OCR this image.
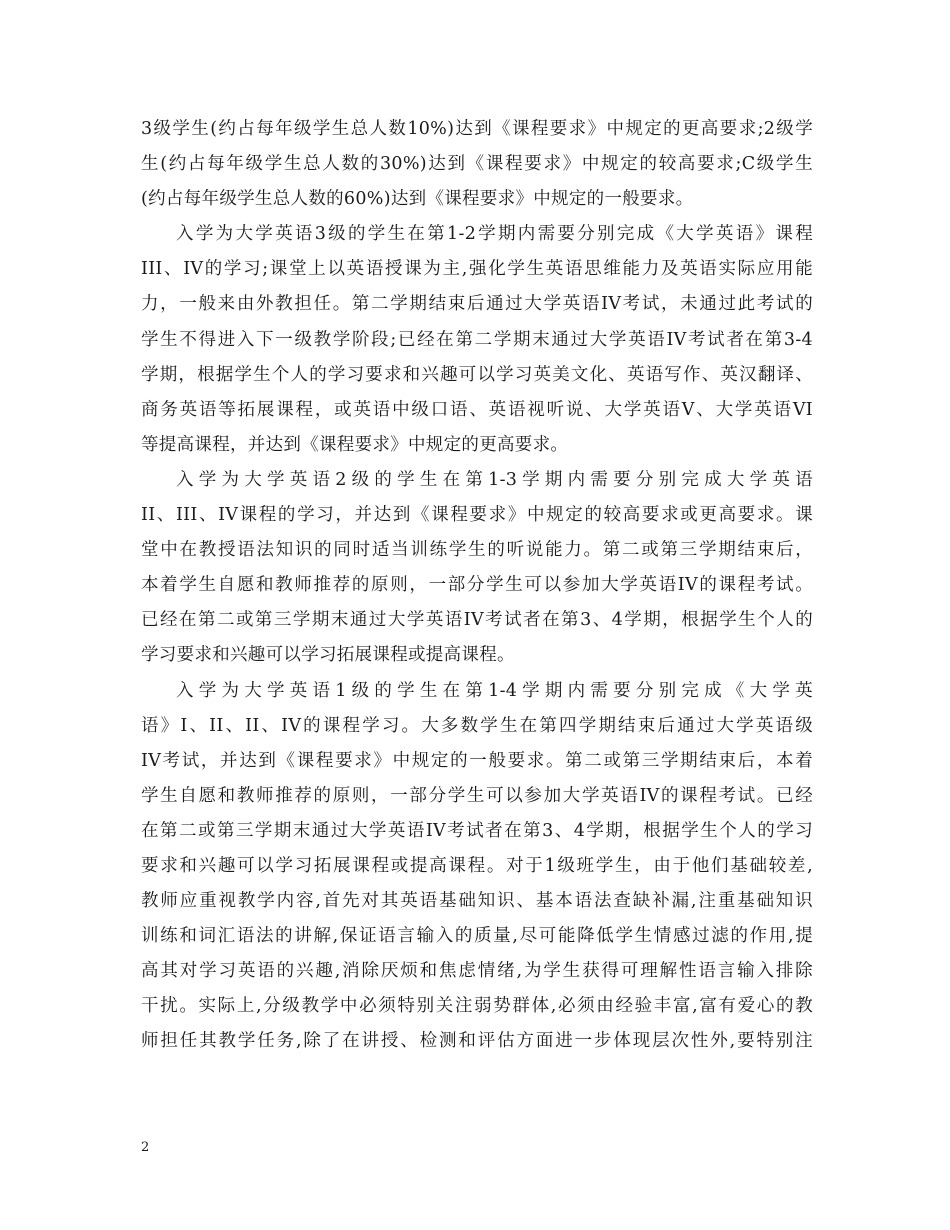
3级学生(约占每年级学生总人数10%)达到《课程要求》中规定的更高要求;2级学
生(约占每年级学生总人数的30%)达到《课程要求》中规定的较高要求;C级学生
(约占每年级学生总人数的60%)达到《课程要求》中规定的一般要求。
入学为大学英语3级的学生在第1-2学期内需要分别完成《大学英语》课程
III、IV的学习;课堂上以英语授课为主,强化学生英语思维能力及英语实际应用能
力，一般来由外教担任。第二学期结束后通过大学英语IV考试，未通过此考试的
学生不得进入下一级教学阶段;已经在第二学期末通过大学英语IV考试者在第3-4
学期，根据学生个人的学习要求和兴趣可以学习英美文化、英语写作、英汉翻译、
商务英语等拓展课程，或英语中级口语、英语视听说、大学英语V、大学英语VI
等提高课程，并达到《课程要求》中规定的更高要求。
入学为大学英语2级的学生在第1-3学期内需要分别完成大学英语
II、III、IV课程的学习，并达到《课程要求》中规定的较高要求或更高要求。课
堂中在教授语法知识的同时适当训练学生的听说能力。第二或第三学期结束后，
本着学生自愿和教师推荐的原则，一部分学生可以参加大学英语IV的课程考试。
已经在第二或第三学期末通过大学英语IV考试者在第3、4学期，根据学生个人的
学习要求和兴趣可以学习拓展课程或提高课程。
入学为大学英语1级的学生在第1-4学期内需要分别完成《大学英
语》I、II、II、IV的课程学习。大多数学生在第四学期结束后通过大学英语级
IV考试，并达到《课程要求》中规定的一般要求。第二或第三学期结束后，本着
学生自愿和教师推荐的原则，一部分学生可以参加大学英语IV的课程考试。已经
在第二或第三学期末通过大学英语IV考试者在第3、4学期，根据学生个人的学习
要求和兴趣可以学习拓展课程或提高课程。对于1级班学生，由于他们基础较差,
教师应重视教学内容,首先对其英语基础知识、基本语法查缺补漏,注重基础知识
训练和词汇语法的讲解,保证语言输入的质量,尽可能降低学生情感过滤的作用,提
高其对学习英语的兴趣,消除厌烦和焦虑情绪,为学生获得可理解性语言输入排除
干扰。实际上,分级教学中必须特别关注弱势群体,必须由经验丰富,富有爱心的教
师担任其教学任务,除了在讲授、检测和评估方面进一步体现层次性外,要特别注
2
